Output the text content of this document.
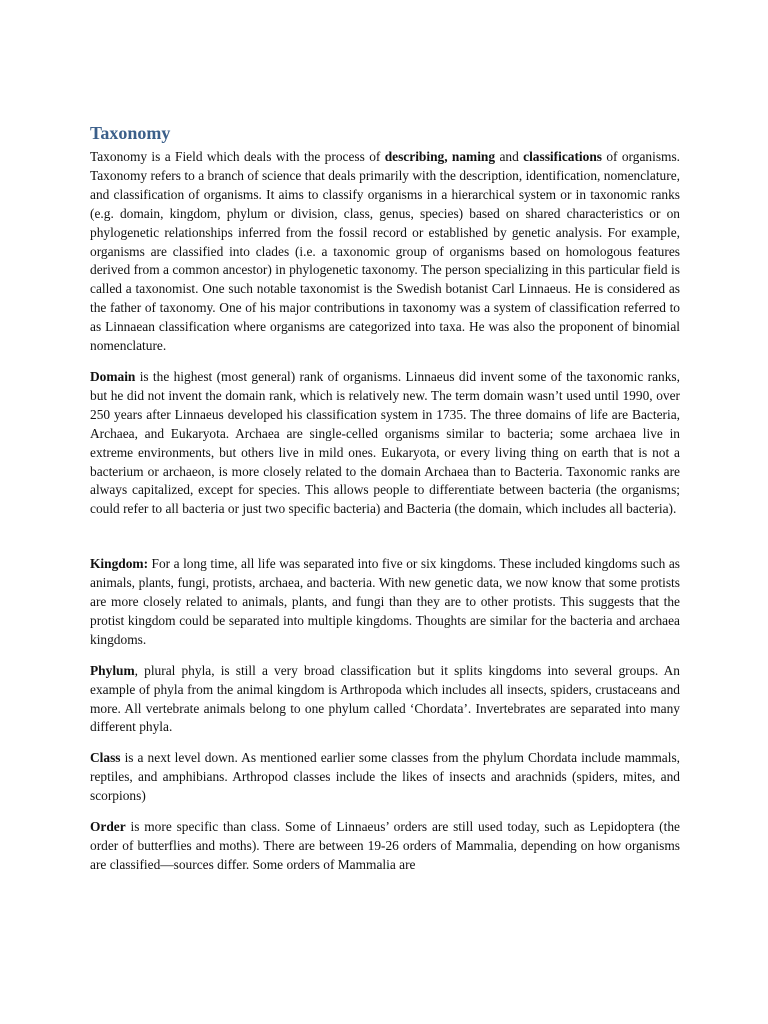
Taxonomy

Taxonomy is a Field which deals with the process of describing, naming and classifications of organisms. Taxonomy refers to a branch of science that deals primarily with the description, identification, nomenclature, and classification of organisms. It aims to classify organisms in a hierarchical system or in taxonomic ranks (e.g. domain, kingdom, phylum or division, class, genus, species) based on shared characteristics or on phylogenetic relationships inferred from the fossil record or established by genetic analysis. For example, organisms are classified into clades (i.e. a taxonomic group of organisms based on homologous features derived from a common ancestor) in phylogenetic taxonomy. The person specializing in this particular field is called a taxonomist. One such notable taxonomist is the Swedish botanist Carl Linnaeus. He is considered as the father of taxonomy. One of his major contributions in taxonomy was a system of classification referred to as Linnaean classification where organisms are categorized into taxa. He was also the proponent of binomial nomenclature.

Domain is the highest (most general) rank of organisms. Linnaeus did invent some of the taxonomic ranks, but he did not invent the domain rank, which is relatively new. The term domain wasn’t used until 1990, over 250 years after Linnaeus developed his classification system in 1735. The three domains of life are Bacteria, Archaea, and Eukaryota. Archaea are single-celled organisms similar to bacteria; some archaea live in extreme environments, but others live in mild ones. Eukaryota, or every living thing on earth that is not a bacterium or archaeon, is more closely related to the domain Archaea than to Bacteria. Taxonomic ranks are always capitalized, except for species. This allows people to differentiate between bacteria (the organisms; could refer to all bacteria or just two specific bacteria) and Bacteria (the domain, which includes all bacteria).

Kingdom: For a long time, all life was separated into five or six kingdoms. These included kingdoms such as animals, plants, fungi, protists, archaea, and bacteria. With new genetic data, we now know that some protists are more closely related to animals, plants, and fungi than they are to other protists. This suggests that the protist kingdom could be separated into multiple kingdoms. Thoughts are similar for the bacteria and archaea kingdoms.

Phylum, plural phyla, is still a very broad classification but it splits kingdoms into several groups. An example of phyla from the animal kingdom is Arthropoda which includes all insects, spiders, crustaceans and more. All vertebrate animals belong to one phylum called ‘Chordata’. Invertebrates are separated into many different phyla.

Class is a next level down. As mentioned earlier some classes from the phylum Chordata include mammals, reptiles, and amphibians. Arthropod classes include the likes of insects and arachnids (spiders, mites, and scorpions)

Order is more specific than class. Some of Linnaeus’ orders are still used today, such as Lepidoptera (the order of butterflies and moths). There are between 19-26 orders of Mammalia, depending on how organisms are classified—sources differ. Some orders of Mammalia are
